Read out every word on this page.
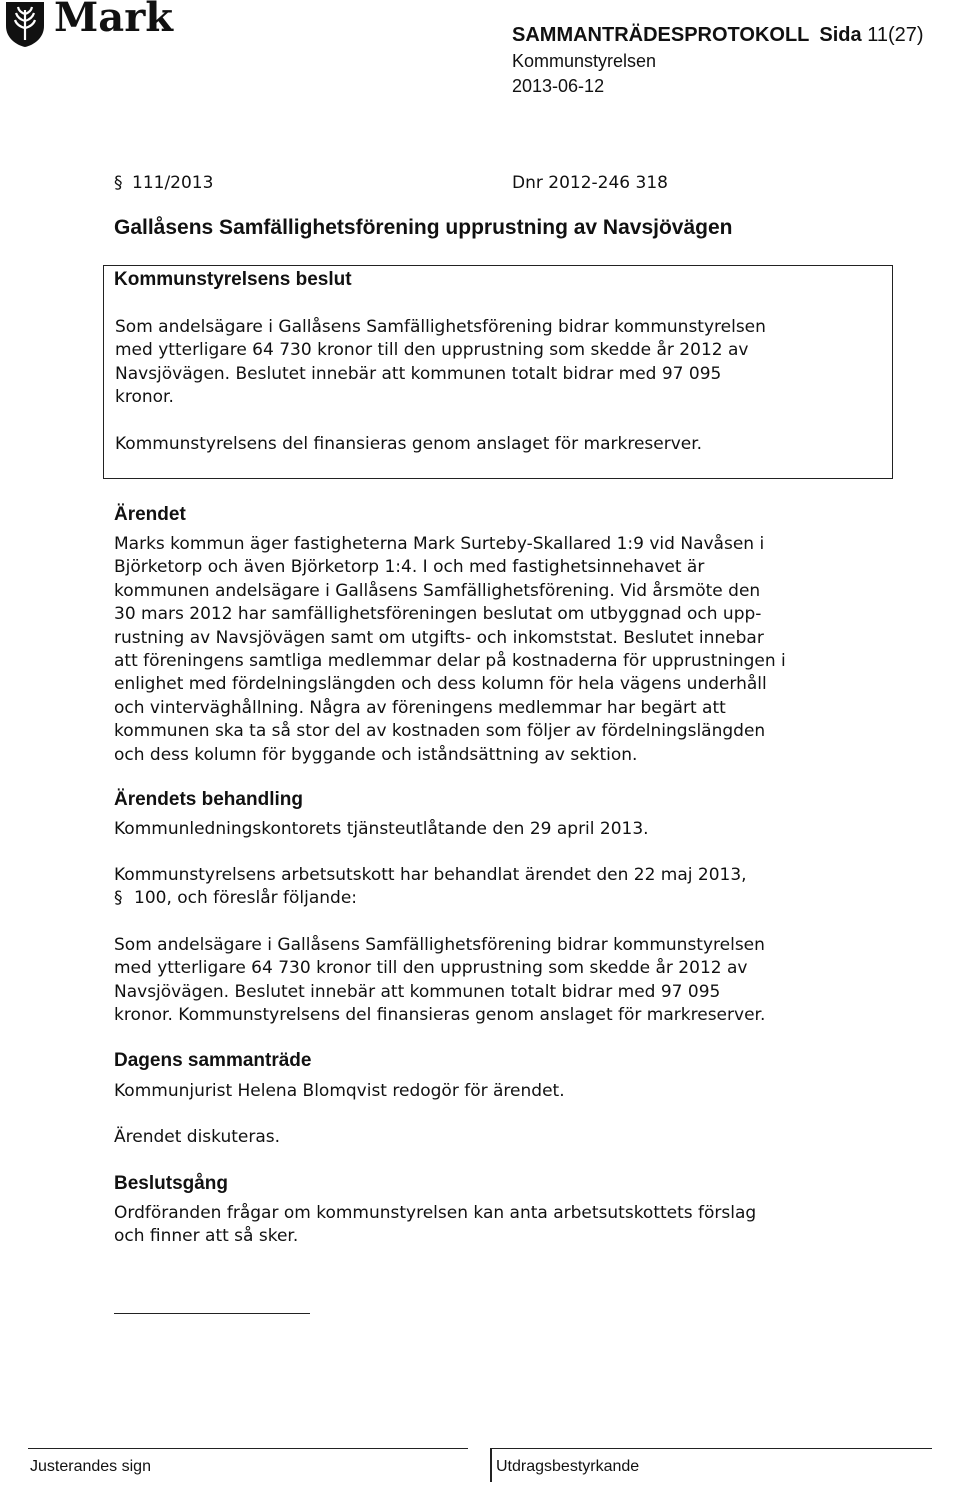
Mark	SAMMANTRÄDESPROTOKOLL Sida 11(27)
Kommunstyrelsen
2013-06-12
§ 111/2013	Dnr 2012-246 318
Gallåsens Samfällighetsförening upprustning av Navsjövägen
Kommunstyrelsens beslut

Som andelsägare i Gallåsens Samfällighetsförening bidrar kommunstyrelsen

med ytterligare 64 730 kronor till den upprustning som skedde år 2012 av

Navsjövägen. Beslutet innebär att kommunen totalt bidrar med 97 095

kronor.

Kommunstyrelsens del finansieras genom anslaget för markreserver.

Ärendet

Marks kommun äger fastigheterna Mark Surteby-Skallared 1:9 vid Navåsen i

Björketorp och även Björketorp 1:4. I och med fastighetsinnehavet är

kommunen andelsägare i Gallåsens Samfällighetsförening. Vid årsmöte den

30 mars 2012 har samfällighetsföreningen beslutat om utbyggnad och upp-

rustning av Navsjövägen samt om utgifts- och inkomststat. Beslutet innebar

att föreningens samtliga medlemmar delar på kostnaderna för upprustningen i

enlighet med fördelningslängden och dess kolumn för hela vägens underhåll

och vinterväghållning. Några av föreningens medlemmar har begärt att

kommunen ska ta så stor del av kostnaden som följer av fördelningslängden

och dess kolumn för byggande och iståndsättning av sektion.

Ärendets behandling
Kommunledningskontorets tjänsteutlåtande den 29 april 2013.
Kommunstyrelsens arbetsutskott har behandlat ärendet den 22 maj 2013,
§ 100, och föreslår följande:

Som andelsägare i Gallåsens Samfällighetsförening bidrar kommunstyrelsen

med ytterligare 64 730 kronor till den upprustning som skedde år 2012 av

Navsjövägen. Beslutet innebär att kommunen totalt bidrar med 97 095

kronor. Kommunstyrelsens del finansieras genom anslaget för markreserver.

Dagens sammanträde
Kommunjurist Helena Blomqvist redogör för ärendet.
Ärendet diskuteras.
Beslutsgång

Ordföranden frågar om kommunstyrelsen kan anta arbetsutskottets förslag

och finner att så sker.

Justerandes sign	Utdragsbestyrkande
